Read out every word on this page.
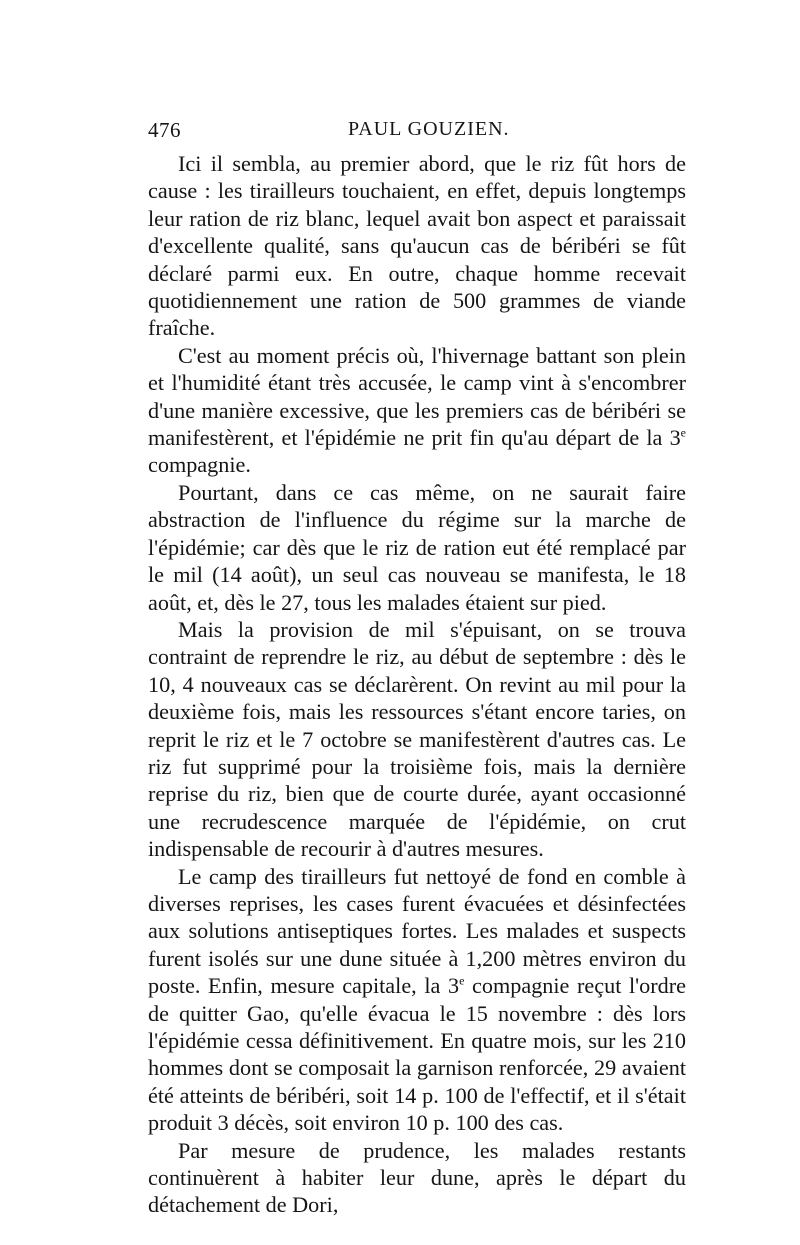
476	PAUL GOUZIEN.

Ici il sembla, au premier abord, que le riz fût hors de cause : les tirailleurs touchaient, en effet, depuis longtemps leur ration de riz blanc, lequel avait bon aspect et paraissait d'excellente qualité, sans qu'aucun cas de béribéri se fût déclaré parmi eux. En outre, chaque homme recevait quotidiennement une ration de 500 grammes de viande fraîche.

C'est au moment précis où, l'hivernage battant son plein et l'humidité étant très accusée, le camp vint à s'encombrer d'une manière excessive, que les premiers cas de béribéri se manifestèrent, et l'épidémie ne prit fin qu'au départ de la 3e compagnie.

Pourtant, dans ce cas même, on ne saurait faire abstraction de l'influence du régime sur la marche de l'épidémie; car dès que le riz de ration eut été remplacé par le mil (14 août), un seul cas nouveau se manifesta, le 18 août, et, dès le 27, tous les malades étaient sur pied.

Mais la provision de mil s'épuisant, on se trouva contraint de reprendre le riz, au début de septembre : dès le 10, 4 nouveaux cas se déclarèrent. On revint au mil pour la deuxième fois, mais les ressources s'étant encore taries, on reprit le riz et le 7 octobre se manifestèrent d'autres cas. Le riz fut supprimé pour la troisième fois, mais la dernière reprise du riz, bien que de courte durée, ayant occasionné une recrudescence marquée de l'épidémie, on crut indispensable de recourir à d'autres mesures.

Le camp des tirailleurs fut nettoyé de fond en comble à diverses reprises, les cases furent évacuées et désinfectées aux solutions antiseptiques fortes. Les malades et suspects furent isolés sur une dune située à 1,200 mètres environ du poste. Enfin, mesure capitale, la 3e compagnie reçut l'ordre de quitter Gao, qu'elle évacua le 15 novembre : dès lors l'épidémie cessa définitivement. En quatre mois, sur les 210 hommes dont se composait la garnison renforcée, 29 avaient été atteints de béribéri, soit 14 p. 100 de l'effectif, et il s'était produit 3 décès, soit environ 10 p. 100 des cas.

Par mesure de prudence, les malades restants continuèrent à habiter leur dune, après le départ du détachement de Dori,
